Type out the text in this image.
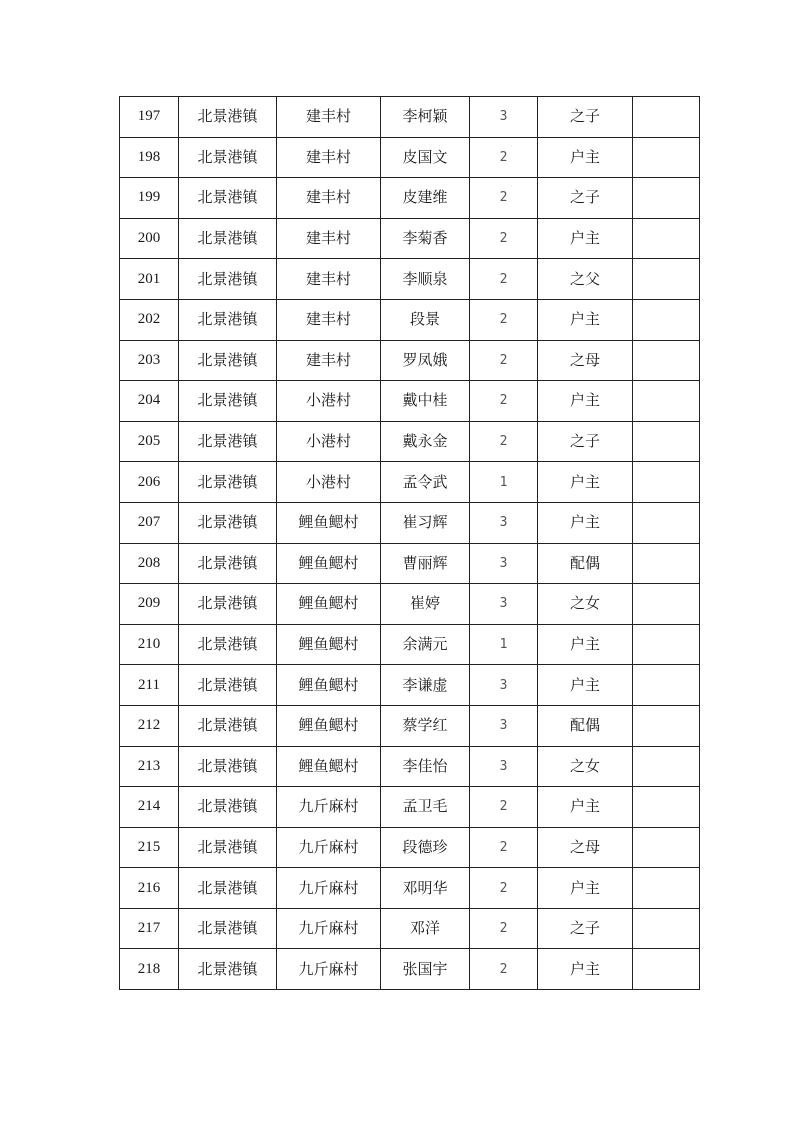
197	北景港镇	建丰村	李柯颖	3	之子	
198	北景港镇	建丰村	皮国文	2	户主	
199	北景港镇	建丰村	皮建维	2	之子	
200	北景港镇	建丰村	李菊香	2	户主	
201	北景港镇	建丰村	李顺泉	2	之父	
202	北景港镇	建丰村	段景	2	户主	
203	北景港镇	建丰村	罗凤娥	2	之母	
204	北景港镇	小港村	戴中桂	2	户主	
205	北景港镇	小港村	戴永金	2	之子	
206	北景港镇	小港村	孟令武	1	户主	
207	北景港镇	鲤鱼鳃村	崔习辉	3	户主	
208	北景港镇	鲤鱼鳃村	曹丽辉	3	配偶	
209	北景港镇	鲤鱼鳃村	崔婷	3	之女	
210	北景港镇	鲤鱼鳃村	余满元	1	户主	
211	北景港镇	鲤鱼鳃村	李谦虚	3	户主	
212	北景港镇	鲤鱼鳃村	蔡学红	3	配偶	
213	北景港镇	鲤鱼鳃村	李佳怡	3	之女	
214	北景港镇	九斤麻村	孟卫毛	2	户主	
215	北景港镇	九斤麻村	段德珍	2	之母	
216	北景港镇	九斤麻村	邓明华	2	户主	
217	北景港镇	九斤麻村	邓洋	2	之子	
218	北景港镇	九斤麻村	张国宇	2	户主	
